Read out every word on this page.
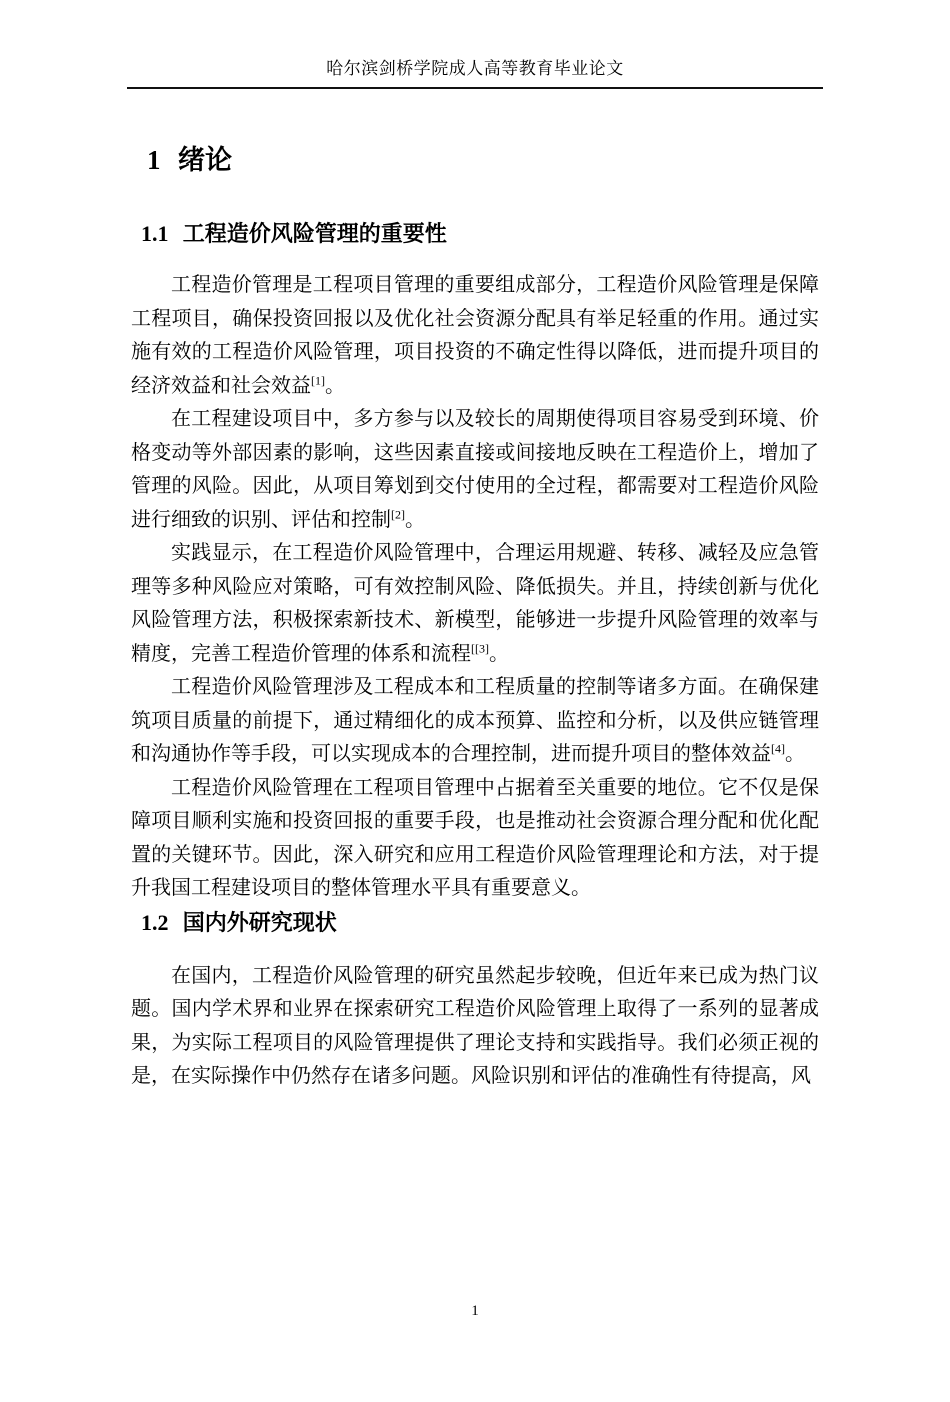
哈尔滨剑桥学院成人高等教育毕业论文
1 绪论
1.1 工程造价风险管理的重要性

工程造价管理是工程项目管理的重要组成部分，工程造价风险管理是保障工程项目，确保投资回报以及优化社会资源分配具有举足轻重的作用。通过实施有效的工程造价风险管理，项目投资的不确定性得以降低，进而提升项目的经济效益和社会效益[1]。

在工程建设项目中，多方参与以及较长的周期使得项目容易受到环境、价格变动等外部因素的影响，这些因素直接或间接地反映在工程造价上，增加了管理的风险。因此，从项目筹划到交付使用的全过程，都需要对工程造价风险进行细致的识别、评估和控制[2]。

实践显示，在工程造价风险管理中，合理运用规避、转移、减轻及应急管理等多种风险应对策略，可有效控制风险、降低损失。并且，持续创新与优化风险管理方法，积极探索新技术、新模型，能够进一步提升风险管理的效率与精度，完善工程造价管理的体系和流程[[3]。

工程造价风险管理涉及工程成本和工程质量的控制等诸多方面。在确保建筑项目质量的前提下，通过精细化的成本预算、监控和分析，以及供应链管理和沟通协作等手段，可以实现成本的合理控制，进而提升项目的整体效益[4]。

工程造价风险管理在工程项目管理中占据着至关重要的地位。它不仅是保障项目顺利实施和投资回报的重要手段，也是推动社会资源合理分配和优化配置的关键环节。因此，深入研究和应用工程造价风险管理理论和方法，对于提升我国工程建设项目的整体管理水平具有重要意义。

1.2 国内外研究现状

在国内，工程造价风险管理的研究虽然起步较晚，但近年来已成为热门议题。国内学术界和业界在探索研究工程造价风险管理上取得了一系列的显著成果，为实际工程项目的风险管理提供了理论支持和实践指导。我们必须正视的是，在实际操作中仍然存在诸多问题。风险识别和评估的准确性有待提高，风

1
